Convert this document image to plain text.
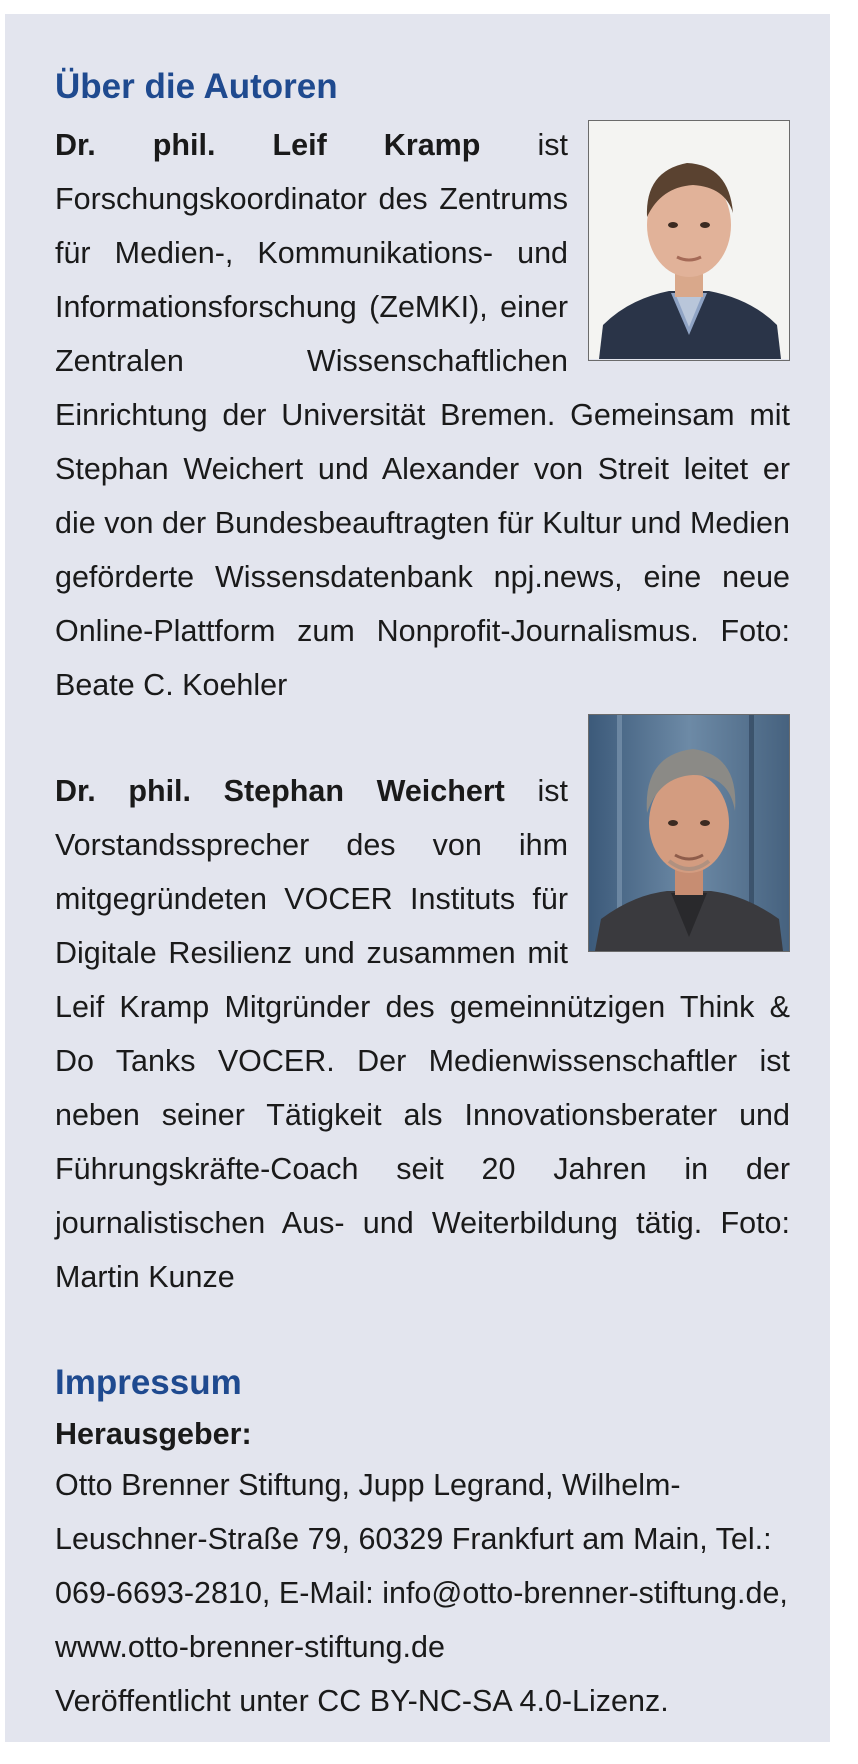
Über die Autoren

Dr. phil. Leif Kramp ist Forschungskoordinator des Zentrums für Medien-, Kommunikations- und Informationsforschung (ZeMKI), einer Zentralen Wissenschaftlichen Einrichtung der Universität Bremen. Gemeinsam mit Stephan Weichert und Alexander von Streit leitet er die von der Bundesbeauftragten für Kultur und Medien geförderte Wissensdatenbank npj.news, eine neue Online-Plattform zum Nonprofit-Journalismus. Foto: Beate C. Koehler

Dr. phil. Stephan Weichert ist Vorstandssprecher des von ihm mitgegründeten VOCER Instituts für Digitale Resilienz und zusammen mit Leif Kramp Mitgründer des gemeinnützigen Think & Do Tanks VOCER. Der Medienwissenschaftler ist neben seiner Tätigkeit als Innovationsberater und Führungskräfte-Coach seit 20 Jahren in der journalistischen Aus- und Weiterbildung tätig. Foto: Martin Kunze

Impressum

Herausgeber:

Otto Brenner Stiftung, Jupp Legrand, Wilhelm-Leuschner-Straße 79, 60329 Frankfurt am Main, Tel.: 069-6693-2810, E-Mail: info@otto-brenner-stiftung.de, www.otto-brenner-stiftung.de

Veröffentlicht unter CC BY-NC-SA 4.0-Lizenz.
